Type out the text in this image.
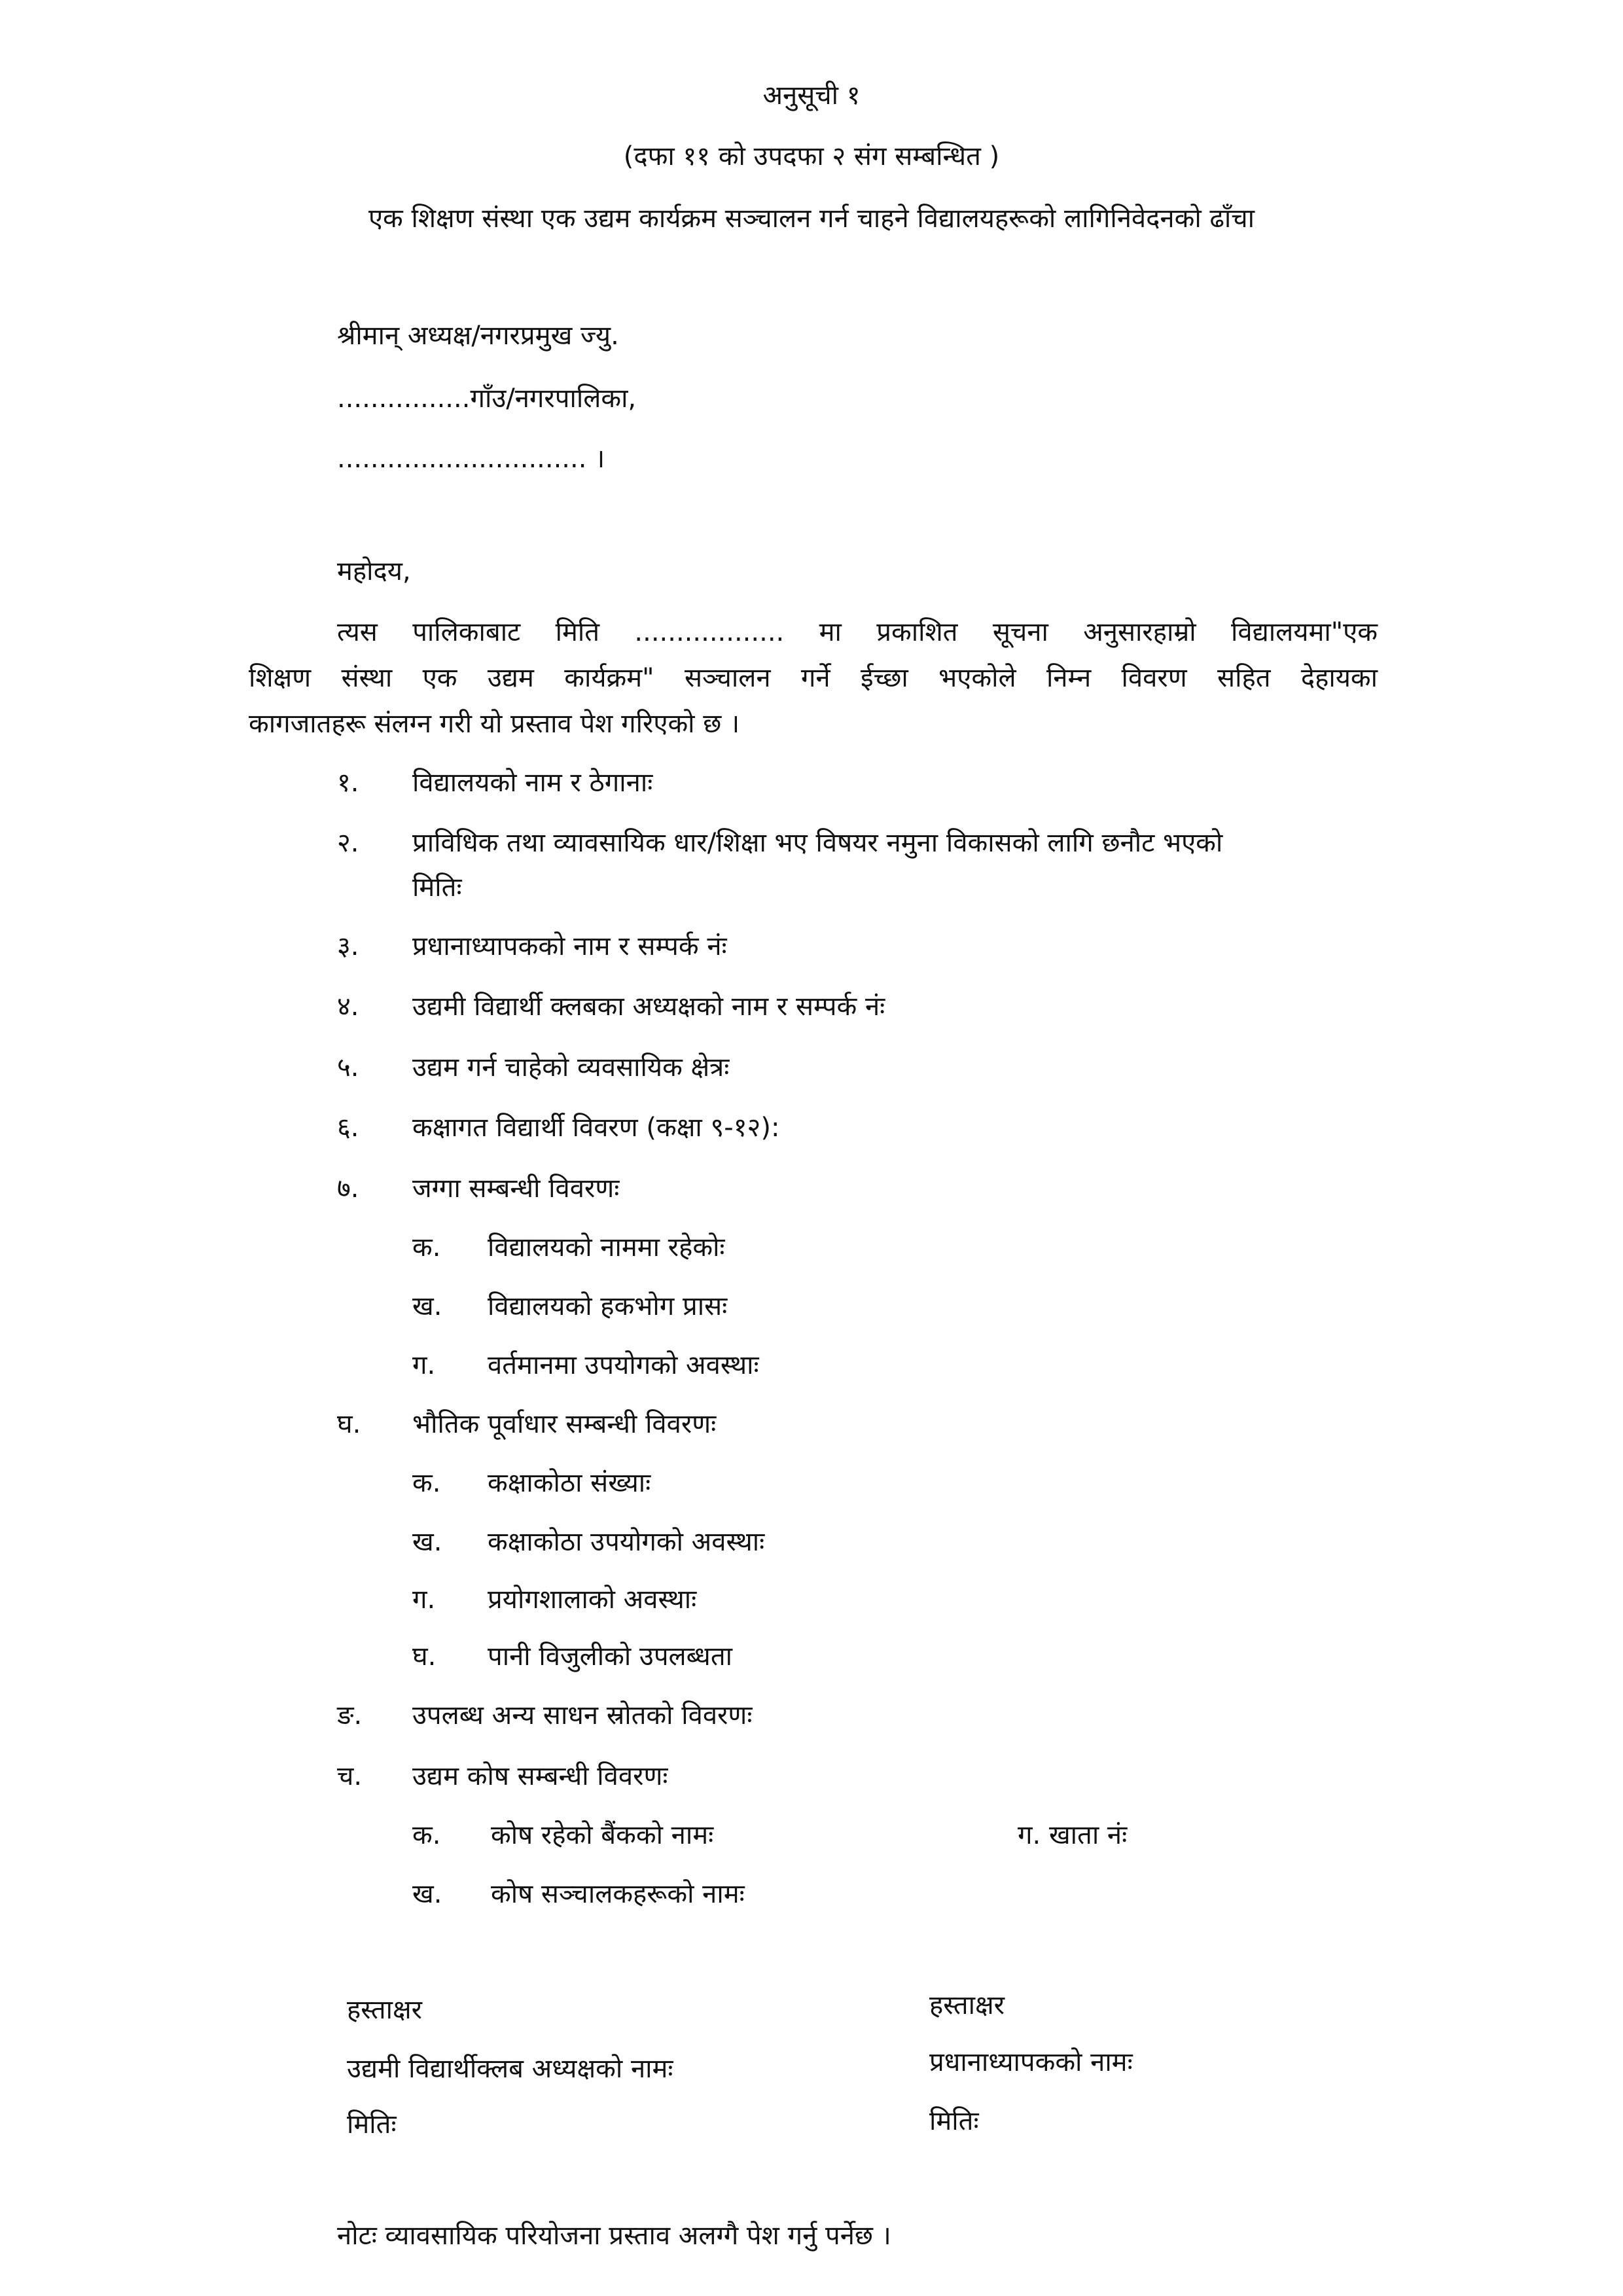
अनुसूची १
(दफा ११ को उपदफा २ संग सम्बन्धित )
एक शिक्षण संस्था एक उद्यम कार्यक्रम सञ्चालन गर्न चाहने विद्यालयहरूको लागिनिवेदनको ढाँचा
श्रीमान् अध्यक्ष/नगरप्रमुख ज्यु.
................गाँउ/नगरपालिका,
.............................. ।
महोदय,
त्यस पालिकाबाट मिति .................. मा प्रकाशित सूचना अनुसारहाम्रो विद्यालयमा"एक
शिक्षण संस्था एक उद्यम कार्यक्रम" सञ्चालन गर्ने ईच्छा भएकोले निम्न विवरण सहित देहायका
कागजातहरू संलग्न गरी यो प्रस्ताव पेश गरिएको छ ।
१. विद्यालयको नाम र ठेगानाः
२. प्राविधिक तथा व्यावसायिक धार/शिक्षा भए विषयर नमुना विकासको लागि छनौट भएको
मितिः
३. प्रधानाध्यापकको नाम र सम्पर्क नंः
४. उद्यमी विद्यार्थी क्लबका अध्यक्षको नाम र सम्पर्क नंः
५. उद्यम गर्न चाहेको व्यवसायिक क्षेत्रः
६. कक्षागत विद्यार्थी विवरण (कक्षा ९-१२):
७. जग्गा सम्बन्धी विवरणः
क. विद्यालयको नाममा रहेकोः
ख. विद्यालयको हकभोग प्रासः
ग. वर्तमानमा उपयोगको अवस्थाः
घ. भौतिक पूर्वाधार सम्बन्धी विवरणः
क. कक्षाकोठा संख्याः
ख. कक्षाकोठा उपयोगको अवस्थाः
ग. प्रयोगशालाको अवस्थाः
घ. पानी विजुलीको उपलब्धता
ङ. उपलब्ध अन्य साधन स्रोतको विवरणः
च. उद्यम कोष सम्बन्धी विवरणः
क. कोष रहेको बैंकको नामः	ग. खाता नंः
ख. कोष सञ्चालकहरूको नामः
हस्ताक्षर
उद्यमी विद्यार्थीक्लब अध्यक्षको नामः
मितिः
हस्ताक्षर
प्रधानाध्यापकको नामः
मितिः
नोटः व्यावसायिक परियोजना प्रस्ताव अलग्गै पेश गर्नु पर्नेछ ।
